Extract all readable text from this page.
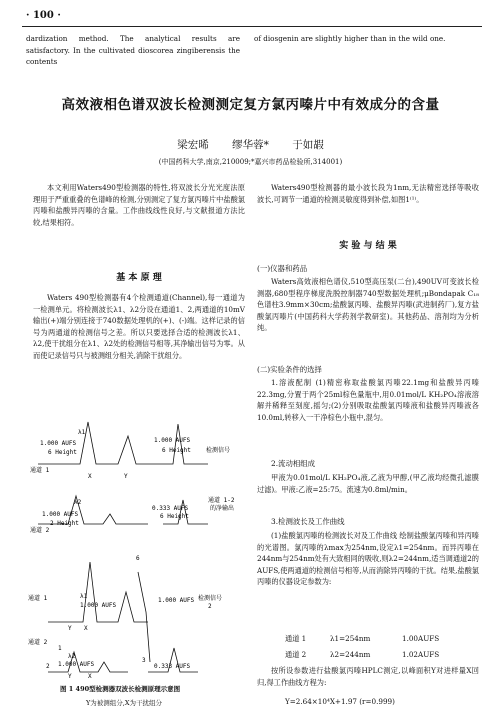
· 100 ·
dardization method. The analytical results are satisfactory. In the cultivated dioscorea zingiberensis the contents
of diosgenin are slightly higher than in the wild one.
高效液相色谱双波长检测测定复方氯丙嗪片中有效成分的含量
梁宏晞 缪华蓉* 于如嘏
(中国药科大学,南京,210009;*嘉兴市药品检验所,314001)
本文利用Waters490型检测器的特性,将双波长分光光度法原理用于严重重叠的色谱峰的检测,分别测定了复方氯丙嗪片中盐酸氯丙嗪和盐酸异丙嗪的含量。工作曲线线性良好,与文献报道方法比较,结果相符。
基 本 原 理
Waters 490型检测器有4个检测通道(Channel),每一通道为一检测单元。将检测波长λ1、λ2分设在通道1、2,两通道的10mV输出(+)端分别连接于740数据处理机的(+)、(-)端。这样记录的信号为两通道的检测信号之差。所以只要选择合适的检测波长λ1、λ2,使干扰组分在λ1、λ2处的检测信号相等,其净输出信号为零。从而使记录信号只与被测组分相关,消除干扰组分。
λ1
1.000 AUFS
6 Height
通道 1
X	Y
1.000 AUFS
6 Height	检测信号
λ2
1.000 AUFS
2 Height
通道 2
0.333 AUFS
6 Height
通道 1-2
的净输出
6
通道 1	λ1
1.000 AUFS
1.000 AUFS 检测信号
2
Y X
通道 2
1
λ2
1.000 AUFS
2
3
0.333 AUFS
Y	X
图 1 490型检测器双波长检测原理示意图
Y为被测组分,X为干扰组分
Waters490型检测器的最小波长段为1nm,无法精密选择等吸收波长,可调节一通道的检测灵敏度得到补偿,如图1⁽¹⁾。
实 验 与 结 果
(一)仪器和药品
Waters高效液相色谱仪,510型高压泵(二台),490UV可变波长检测器,680型程序梯度洗脱控制器740型数据处理机;μBondapak C₁₈色谱柱3.9mm×30cm;盐酸氯丙嗪、盐酸异丙嗪(武进制药厂),复方盐酸氯丙嗪片(中国药科大学药剂学教研室)。其他药品、溶剂均为分析纯。
(二)实验条件的选择
1.溶液配制 (1)精密称取盐酸氯丙嗪22.1mg和盐酸异丙嗪22.3mg,分置于两个25ml棕色量瓶中,用0.01mol/L KH₂PO₄溶液溶解并稀释至刻度,摇匀;(2)分别吸取盐酸氯丙嗪液和盐酸异丙嗪液各10.0ml,转移入一干净棕色小瓶中,混匀。
2.流动相组成
甲液为0.01mol/L KH₂PO₄液,乙液为甲醇,(甲乙液均经微孔滤膜过滤)。甲液:乙液=25:75。流速为0.8ml/min。
3.检测波长及工作曲线
(1)盐酸氯丙嗪的检测波长对及工作曲线 绘制盐酸氯丙嗪和异丙嗪的光谱图。氯丙嗪的λmax为254nm,设定λ1=254nm。而异丙嗪在244nm与254nm处有大致相同的吸收,则λ2=244nm,适当调通道2的AUFS,使两通道的检测信号相等,从而消除异丙嗪的干扰。结果,盐酸氯丙嗪的仪器设定参数为:
通道 1	λ1=254nm	1.00AUFS
通道 2	λ2=244nm	1.02AUFS
按所设参数进行盐酸氯丙嗪HPLC测定,以峰面积Y对进样量X回归,得工作曲线方程为:
Y=2.64×10⁴X+1.97 (r=0.999)
